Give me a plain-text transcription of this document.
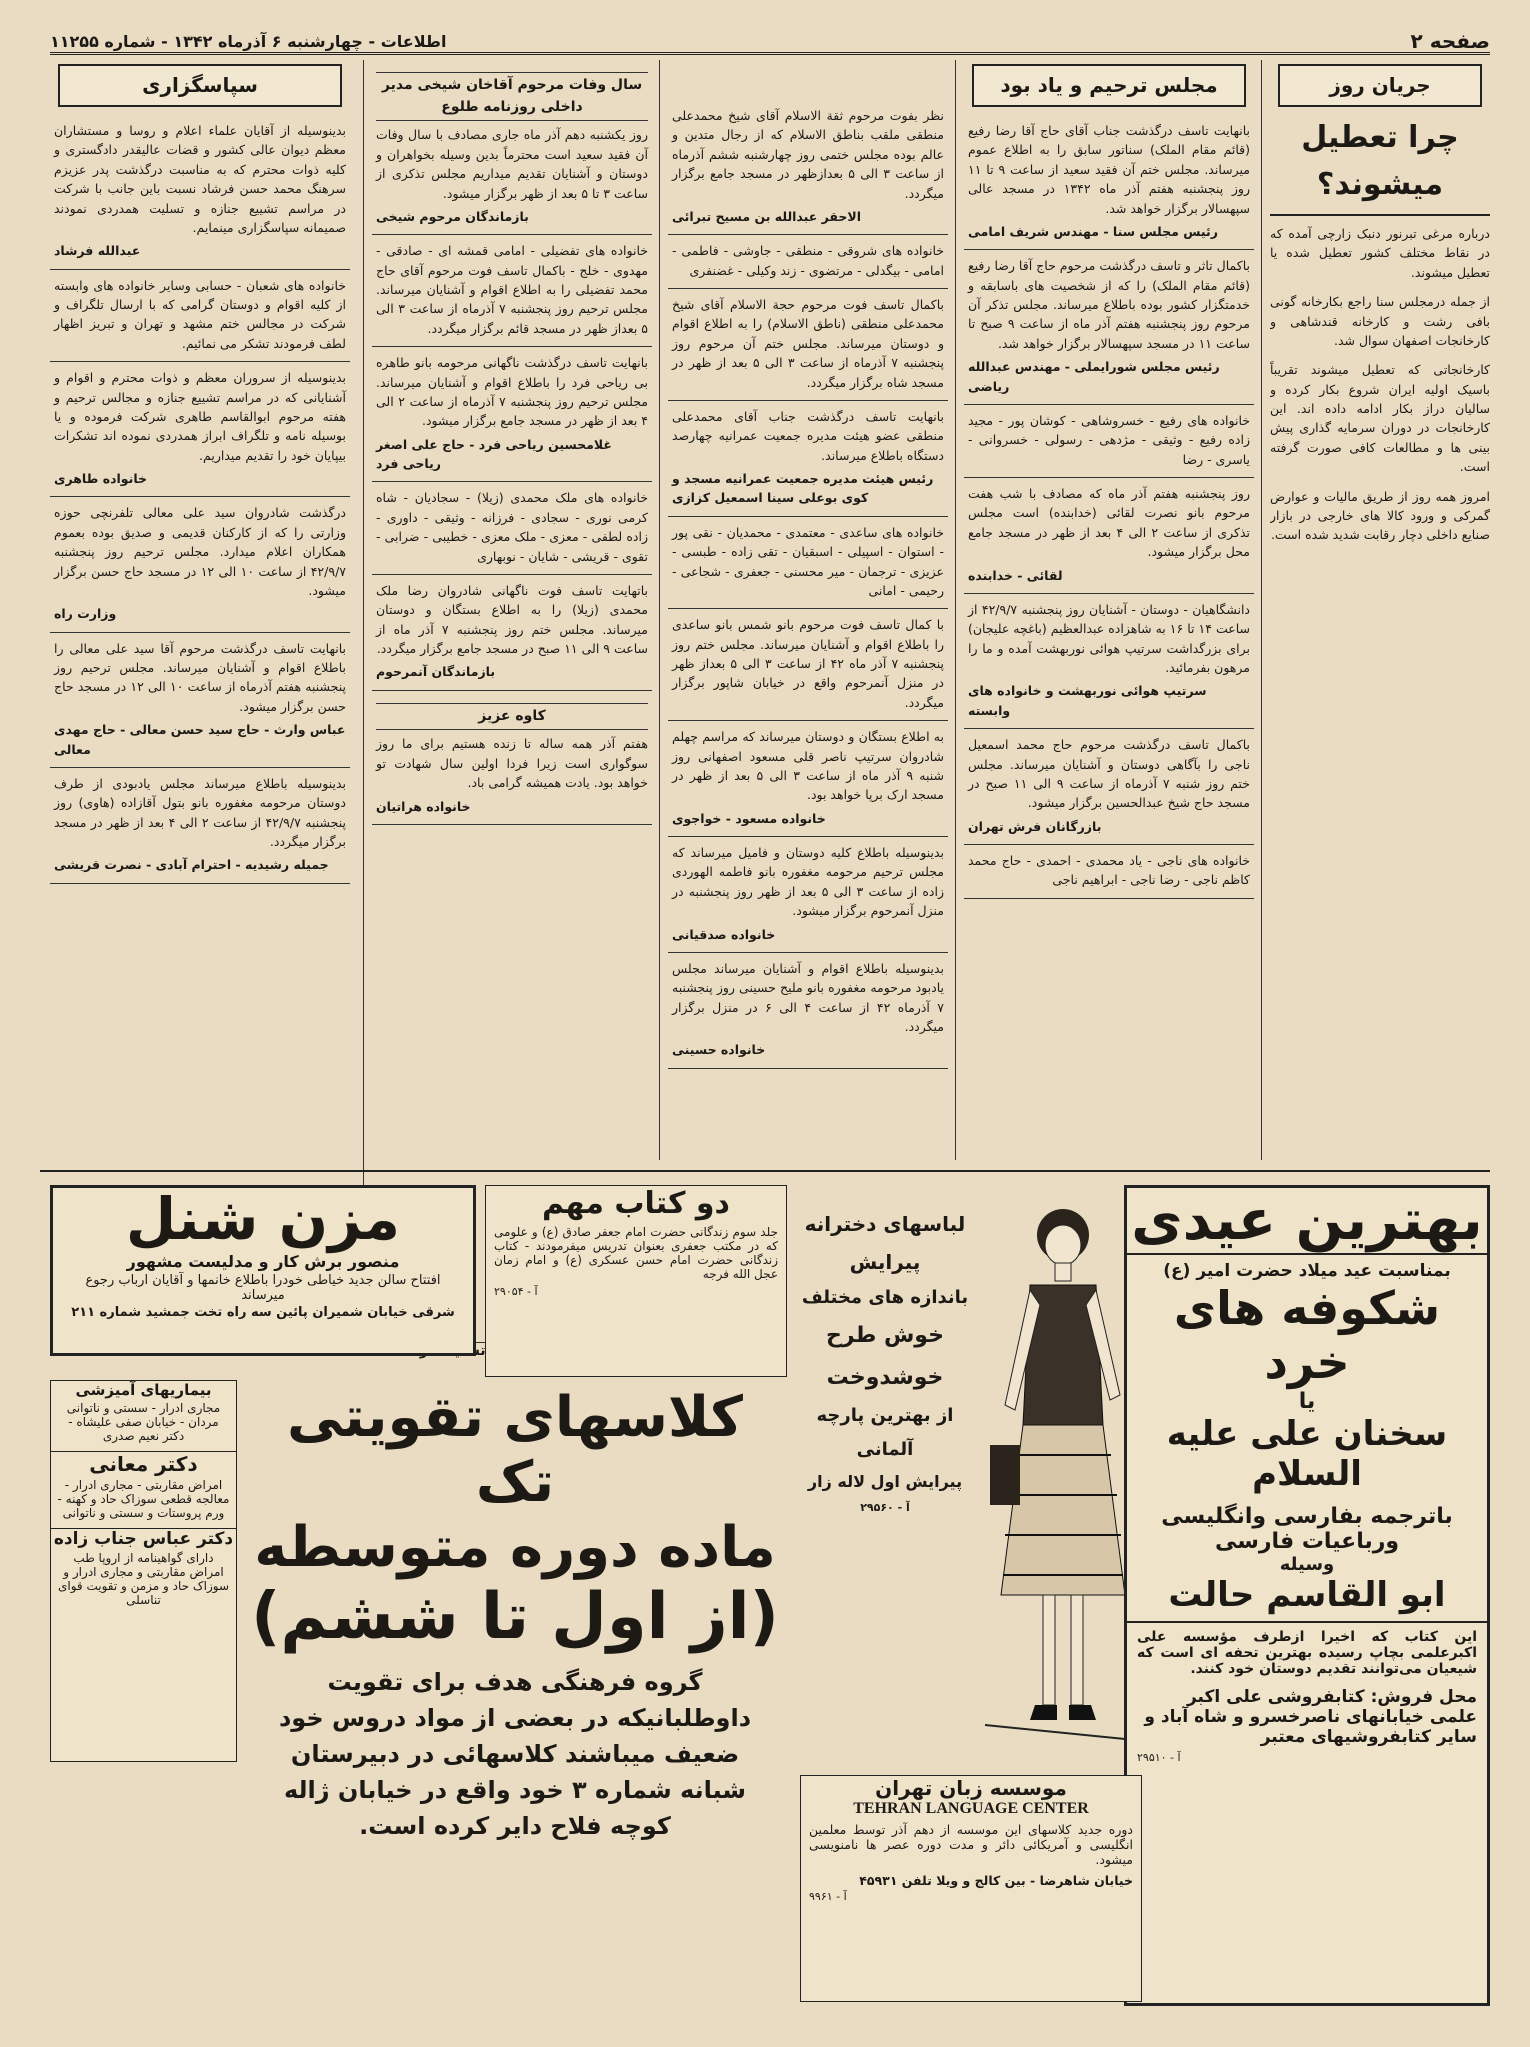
صفحه ۲
اطلاعات - چهارشنبه ۶ آذرماه ۱۳۴۲ - شماره ۱۱۲۵۵
جریان روز
چرا تعطیل میشوند؟

درباره مرغی تبرنور دنبک زارچی آمده که در نقاط مختلف کشور تعطیل شده یا تعطیل میشوند.

از جمله درمجلس سنا راجع بکارخانه گونی بافی رشت و کارخانه قندشاهی و کارخانجات اصفهان سوال شد.

کارخانجاتی که تعطیل میشوند تقریباً باسیک اولیه ایران شروع بکار کرده و سالیان دراز بکار ادامه داده اند. این کارخانجات در دوران سرمایه گذاری پیش بینی ها و مطالعات کافی صورت گرفته است.

امروز همه روز از طریق مالیات و عوارض گمرکی و ورود کالا های خارجی در بازار صنایع داخلی دچار رقابت شدید شده است.

مجلس ترحیم و یاد بود
بانهایت تاسف درگذشت جناب آقای حاج آقا رضا رفیع (قائم مقام الملک) سناتور سابق را به اطلاع عموم میرساند. مجلس ختم آن فقید سعید از ساعت ۹ تا ۱۱ روز پنجشنبه هفتم آذر ماه ۱۳۴۲ در مسجد عالی سپهسالار برگزار خواهد شد.
رئیس مجلس سنا - مهندس شریف امامی
باکمال تاثر و تاسف درگذشت مرحوم حاج آقا رضا رفیع (قائم مقام الملک) را که از شخصیت های باسابقه و خدمتگزار کشور بوده باطلاع میرساند. مجلس تذکر آن مرحوم روز پنجشنبه هفتم آذر ماه از ساعت ۹ صبح تا ساعت ۱۱ در مسجد سپهسالار برگزار خواهد شد.
رئیس مجلس شورایملی - مهندس عبدالله ریاضی
خانواده های رفیع - خسروشاهی - کوشان پور - مجید زاده رفیع - وثیقی - مژدهی - رسولی - خسروانی - یاسری - رضا
روز پنجشنبه هفتم آذر ماه که مصادف با شب هفت مرحوم بانو نصرت لقائی (خدابنده) است مجلس تذکری از ساعت ۲ الی ۴ بعد از ظهر در مسجد جامع محل برگزار میشود.
لقائی - خدابنده
دانشگاهیان - دوستان - آشنایان روز پنجشنبه ۴۲/۹/۷ از ساعت ۱۴ تا ۱۶ به شاهزاده عبدالعظیم (باغچه علیجان) برای بزرگداشت سرتیپ هوائی نوربهشت آمده و ما را مرهون بفرمائید.
سرتیپ هوائی نوربهشت و خانواده های وابسته
باکمال تاسف درگذشت مرحوم حاج محمد اسمعیل ناجی را بآگاهی دوستان و آشنایان میرساند. مجلس ختم روز شنبه ۷ آذرماه از ساعت ۹ الی ۱۱ صبح در مسجد حاج شیخ عبدالحسین برگزار میشود.
بازرگانان فرش تهران
خانواده های ناجی - یاد محمدی - احمدی - حاج محمد کاظم ناجی - رضا ناجی - ابراهیم ناجی
نظر بفوت مرحوم ثقة الاسلام آقای شیخ محمدعلی منطقی ملقب بناطق الاسلام که از رجال متدین و عالم بوده مجلس ختمی روز چهارشنبه ششم آذرماه از ساعت ۳ الی ۵ بعدازظهر در مسجد جامع برگزار میگردد.
الاحقر عبدالله بن مسیح تبرائی
خانواده های شروقی - منطقی - جاوشی - فاطمی - امامی - بیگدلی - مرتضوی - زند وکیلی - غضنفری
باکمال تاسف فوت مرحوم حجة الاسلام آقای شیخ محمدعلی منطقی (ناطق الاسلام) را به اطلاع اقوام و دوستان میرساند. مجلس ختم آن مرحوم روز پنجشنبه ۷ آذرماه از ساعت ۳ الی ۵ بعد از ظهر در مسجد شاه برگزار میگردد.
بانهایت تاسف درگذشت جناب آقای محمدعلی منطقی عضو هیئت مدیره جمعیت عمرانیه چهارصد دستگاه باطلاع میرساند.
رئیس هیئت مدیره جمعیت عمرانیه مسجد و کوی بوعلی سینا اسمعیل کزازی
خانواده های ساعدی - معتمدی - محمدیان - نقی پور - استوان - اسپیلی - اسبقیان - تقی زاده - طبسی - عزیزی - ترجمان - میر محسنی - جعفری - شجاعی - رحیمی - امانی
با کمال تاسف فوت مرحوم بانو شمس بانو ساعدی را باطلاع اقوام و آشنایان میرساند. مجلس ختم روز پنجشنبه ۷ آذر ماه ۴۲ از ساعت ۳ الی ۵ بعداز ظهر در منزل آنمرحوم واقع در خیابان شاپور برگزار میگردد.
به اطلاع بستگان و دوستان میرساند که مراسم چهلم شادروان سرتیپ ناصر قلی مسعود اصفهانی روز شنبه ۹ آذر ماه از ساعت ۳ الی ۵ بعد از ظهر در مسجد ارک برپا خواهد بود.
خانواده مسعود - خواجوی
بدینوسیله باطلاع کلیه دوستان و فامیل میرساند که مجلس ترحیم مرحومه مغفوره بانو فاطمه الهوردی زاده از ساعت ۳ الی ۵ بعد از ظهر روز پنجشنبه در منزل آنمرحوم برگزار میشود.
خانواده صدقیانی
بدینوسیله باطلاع اقوام و آشنایان میرساند مجلس یادبود مرحومه مغفوره بانو ملیح حسینی روز پنجشنبه ۷ آذرماه ۴۲ از ساعت ۴ الی ۶ در منزل برگزار میگردد.
خانواده حسینی
سال وفات مرحوم آقاخان شیخی مدیر داخلی روزنامه طلوع
روز یکشنبه دهم آذر ماه جاری مصادف با سال وفات آن فقید سعید است محترماً بدین وسیله بخواهران و دوستان و آشنایان تقدیم میداریم مجلس تذکری از ساعت ۳ تا ۵ بعد از ظهر برگزار میشود.
بازماندگان مرحوم شیخی
خانواده های تفضیلی - امامی قمشه ای - صادقی - مهدوی - خلج - باکمال تاسف فوت مرحوم آقای حاج محمد تفضیلی را به اطلاع اقوام و آشنایان میرساند. مجلس ترحیم روز پنجشنبه ۷ آذرماه از ساعت ۳ الی ۵ بعداز ظهر در مسجد قائم برگزار میگردد.
بانهایت تاسف درگذشت ناگهانی مرحومه بانو طاهره بی ریاحی فرد را باطلاع اقوام و آشنایان میرساند. مجلس ترحیم روز پنجشنبه ۷ آذرماه از ساعت ۲ الی ۴ بعد از ظهر در مسجد جامع برگزار میشود.
غلامحسین ریاحی فرد - حاج علی اصغر ریاحی فرد
خانواده های ملک محمدی (زیلا) - سجادیان - شاه کرمی نوری - سجادی - فرزانه - وثیقی - داوری - زاده لطفی - معزی - ملک معزی - خطیبی - ضرابی - تقوی - قریشی - شایان - نوبهاری
باتهایت تاسف فوت ناگهانی شادروان رضا ملک محمدی (زیلا) را به اطلاع بستگان و دوستان میرساند. مجلس ختم روز پنجشنبه ۷ آذر ماه از ساعت ۹ الی ۱۱ صبح در مسجد جامع برگزار میگردد.
بازماندگان آنمرحوم
کاوه عزیز
هفتم آذر همه ساله تا زنده هستیم برای ما روز سوگواری است زیرا فردا اولین سال شهادت تو خواهد بود. یادت همیشه گرامی باد.
خانواده هراتیان
سپاسگزاری
بدینوسیله از آقایان علماء اعلام و روسا و مستشاران معظم دیوان عالی کشور و قضات عالیقدر دادگستری و کلیه ذوات محترم که به مناسبت درگذشت پدر عزیزم سرهنگ محمد حسن فرشاد نسبت باین جانب با شرکت در مراسم تشییع جنازه و تسلیت همدردی نمودند صمیمانه سپاسگزاری مینمایم.
عبدالله فرشاد
خانواده های شعبان - حسابی وسایر خانواده های وابسته از کلیه اقوام و دوستان گرامی که با ارسال تلگراف و شرکت در مجالس ختم مشهد و تهران و تبریز اظهار لطف فرمودند تشکر می نمائیم.
بدینوسیله از سروران معظم و ذوات محترم و اقوام و آشنایانی که در مراسم تشییع جنازه و مجالس ترحیم و هفته مرحوم ابوالقاسم طاهری شرکت فرموده و یا بوسیله نامه و تلگراف ابراز همدردی نموده اند تشکرات بیپایان خود را تقدیم میداریم.
خانواده طاهری
درگذشت شادروان سید علی معالی تلفرنچی حوزه وزارتی را که از کارکنان قدیمی و صدیق بوده بعموم همکاران اعلام میدارد. مجلس ترحیم روز پنجشنبه ۴۲/۹/۷ از ساعت ۱۰ الی ۱۲ در مسجد حاج حسن برگزار میشود.
وزارت راه
بانهایت تاسف درگذشت مرحوم آقا سید علی معالی را باطلاع اقوام و آشنایان میرساند. مجلس ترحیم روز پنجشنبه هفتم آذرماه از ساعت ۱۰ الی ۱۲ در مسجد حاج حسن برگزار میشود.
عباس وارث - حاج سید حسن معالی - حاج مهدی معالی
بدینوسیله باطلاع میرساند مجلس یادبودی از طرف دوستان مرحومه مغفوره بانو بتول آقازاده (هاوی) روز پنجشنبه ۴۲/۹/۷ از ساعت ۲ الی ۴ بعد از ظهر در مسجد برگزار میگردد.
جمیله رشیدیه - احترام آبادی - نصرت قریشی
مزن شنل
منصور برش کار و مدلیست مشهور
افتتاح سالن جدید خیاطی خودرا باطلاع خانمها و آقایان ارباب رجوع میرساند
شرقی خیابان شمیران پائین سه راه تخت جمشید شماره ۲۱۱
دو کتاب مهم
جلد سوم زندگانی حضرت امام جعفر صادق (ع) و علومی که در مکتب جعفری بعنوان تدریس میفرمودند - کتاب زندگانی حضرت امام حسن عسکری (ع) و امام زمان عجل الله فرجه
آ - ۲۹۰۵۴
لباسهای دخترانه
پیرایش
باندازه های مختلف
خوش طرح
خوشدوخت
از بهترین پارچه
آلمانی
پیرایش اول لاله زار
آ - ۲۹۵۶۰
بهترین عیدی
بمناسبت عید میلاد حضرت امیر (ع)
شکوفه های خرد
یا
سخنان علی علیه السلام
باترجمه بفارسی وانگلیسی
ورباعیات فارسی
وسیله
ابو القاسم حالت
این کتاب که اخیرا ازطرف مؤسسه علی اکبرعلمی بچاپ رسیده بهترین تحفه ای است که شیعیان می‌توانند تقدیم دوستان خود کنند.
محل فروش: کتابفروشی علی اکبر علمی خیابانهای ناصرخسرو و شاه آباد و سایر کتابفروشیهای معتبر
آ - ۲۹۵۱۰
بیماریهای آمیزشی
مجاری ادرار - سستی و ناتوانی مردان - خیابان صفی علیشاه - دکتر نعیم صدری
دکتر معانی
امراض مقاربتی - مجاری ادرار - معالجه قطعی سوزاک حاد و کهنه - ورم پروستات و سستی و ناتوانی
دکتر عباس جناب زاده
دارای گواهینامه از اروپا طب امراض مقاربتی و مجاری ادرار و سوزاک حاد و مزمن و تقویت قوای تناسلی
کلاسهای تقویتی تک
ماده دوره متوسطه
(از اول تا ششم)
گروه فرهنگی هدف برای تقویت داوطلبانیکه در بعضی از مواد دروس خود ضعیف میباشند کلاسهائی در دبیرستان شبانه شماره ۳ خود واقع در خیابان ژاله کوچه فلاح دایر کرده است.
موسسه زبان تهران
TEHRAN LANGUAGE CENTER
دوره جدید کلاسهای این موسسه از دهم آذر توسط معلمین انگلیسی و آمریکائی دائر و مدت دوره عصر ها نامنویسی میشود.
خیابان شاهرضا - بین کالج و ویلا تلفن ۴۵۹۳۱
آ - ۹۹۶۱
